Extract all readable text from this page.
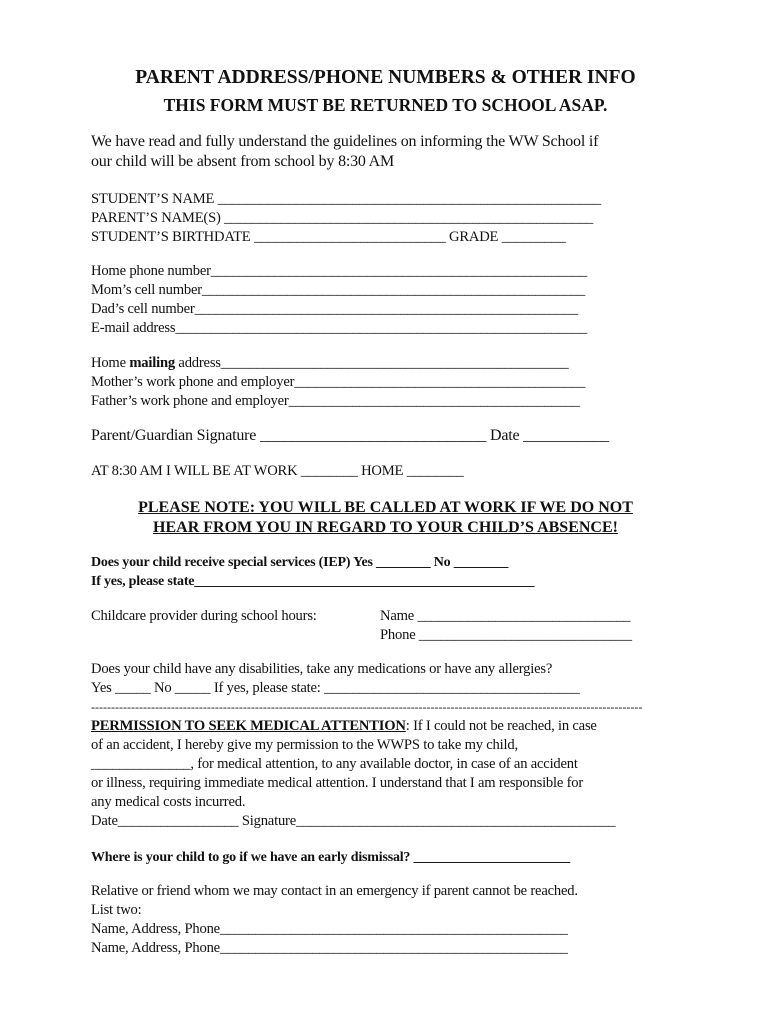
PARENT ADDRESS/PHONE NUMBERS & OTHER INFO
THIS FORM MUST BE RETURNED TO SCHOOL ASAP.
We have read and fully understand the guidelines on informing the WW School if
our child will be absent from school by 8:30 AM
STUDENT’S NAME ______________________________________________________
PARENT’S NAME(S) ____________________________________________________
STUDENT’S BIRTHDATE ___________________________ GRADE _________
Home phone number_____________________________________________________
Mom’s cell number______________________________________________________
Dad’s cell number______________________________________________________
E-mail address__________________________________________________________
Home mailing address_________________________________________________
Mother’s work phone and employer_________________________________________
Father’s work phone and employer_________________________________________
Parent/Guardian Signature _____________________________ Date ___________
AT 8:30 AM I WILL BE AT WORK ________ HOME ________
PLEASE NOTE: YOU WILL BE CALLED AT WORK IF WE DO NOT
HEAR FROM YOU IN REGARD TO YOUR CHILD’S ABSENCE!
Does your child receive special services (IEP) Yes ________ No ________
If yes, please state__________________________________________________
Childcare provider during school hours:	Name ______________________________
Phone ______________________________
Does your child have any disabilities, take any medications or have any allergies?
Yes _____ No _____ If yes, please state: ____________________________________
------------------------------------------------------------------------------------------------------------------------------------------
PERMISSION TO SEEK MEDICAL ATTENTION: If I could not be reached, in case
of an accident, I hereby give my permission to the WWPS to take my child,
______________, for medical attention, to any available doctor, in case of an accident
or illness, requiring immediate medical attention. I understand that I am responsible for
any medical costs incurred.
Date_________________ Signature_____________________________________________
Where is your child to go if we have an early dismissal? _______________________
Relative or friend whom we may contact in an emergency if parent cannot be reached.
List two:
Name, Address, Phone_________________________________________________
Name, Address, Phone_________________________________________________
